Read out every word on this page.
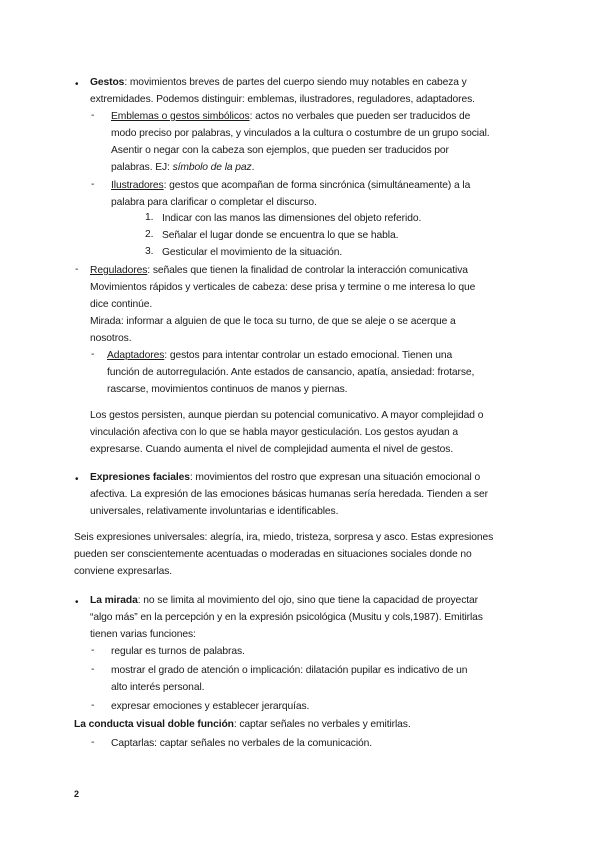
• Gestos: movimientos breves de partes del cuerpo siendo muy notables en cabeza y
extremidades. Podemos distinguir: emblemas, ilustradores, reguladores, adaptadores.
- Emblemas o gestos simbólicos: actos no verbales que pueden ser traducidos de
modo preciso por palabras, y vinculados a la cultura o costumbre de un grupo social.
Asentir o negar con la cabeza son ejemplos, que pueden ser traducidos por
palabras. EJ: símbolo de la paz.
- Ilustradores: gestos que acompañan de forma sincrónica (simultáneamente) a la
palabra para clarificar o completar el discurso.
1. Indicar con las manos las dimensiones del objeto referido.
2. Señalar el lugar donde se encuentra lo que se habla.
3. Gesticular el movimiento de la situación.
- Reguladores: señales que tienen la finalidad de controlar la interacción comunicativa
Movimientos rápidos y verticales de cabeza: dese prisa y termine o me interesa lo que
dice continúe.
Mirada: informar a alguien de que le toca su turno, de que se aleje o se acerque a
nosotros.
- Adaptadores: gestos para intentar controlar un estado emocional. Tienen una
función de autorregulación. Ante estados de cansancio, apatía, ansiedad: frotarse,
rascarse, movimientos continuos de manos y piernas.
Los gestos persisten, aunque pierdan su potencial comunicativo. A mayor complejidad o
vinculación afectiva con lo que se habla mayor gesticulación. Los gestos ayudan a
expresarse. Cuando aumenta el nivel de complejidad aumenta el nivel de gestos.
• Expresiones faciales: movimientos del rostro que expresan una situación emocional o
afectiva. La expresión de las emociones básicas humanas sería heredada. Tienden a ser
universales, relativamente involuntarias e identificables.
Seis expresiones universales: alegría, ira, miedo, tristeza, sorpresa y asco. Estas expresiones
pueden ser conscientemente acentuadas o moderadas en situaciones sociales donde no
conviene expresarlas.
• La mirada: no se limita al movimiento del ojo, sino que tiene la capacidad de proyectar
“algo más” en la percepción y en la expresión psicológica (Musitu y cols,1987). Emitirlas
tienen varias funciones:
- regular es turnos de palabras.
- mostrar el grado de atención o implicación: dilatación pupilar es indicativo de un
alto interés personal.
- expresar emociones y establecer jerarquías.
La conducta visual doble función: captar señales no verbales y emitirlas.
- Captarlas: captar señales no verbales de la comunicación.
2
